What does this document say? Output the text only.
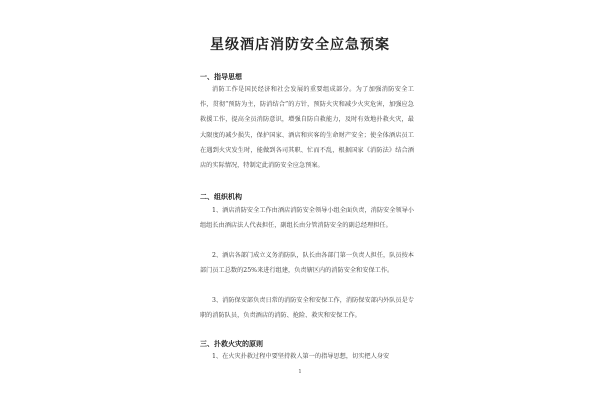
星级酒店消防安全应急预案
一、指导思想
消防工作是国民经济和社会发展的重要组成部分。为了加强消防安全工作，贯彻“预防为主，防消结合”的方针，预防火灾和减少火灾危害，加强应急救援工作，提高全员消防意识，增强自防自救能力，及时有效地扑救火灾，最大限度的减少损失，保护国家、酒店和宾客的生命财产安全；使全体酒店员工在遇到火灾发生时，能做到各司其职、忙而不乱，根据国家《消防法》结合酒店的实际情况，特制定此消防安全应急预案。
二、组织机构
1、酒店消防安全工作由酒店消防安全领导小组全面负责，消防安全领导小组组长由酒店法人代表担任，副组长由分管消防安全的副总经理担任。
2、酒店各部门成立义务消防队，队长由各部门第一负责人担任，队员按本部门员工总数的25%来进行组建，负责辖区内的消防安全和安保工作。
3、消防保安部负责日常的消防安全和安保工作，消防保安部内外队员是专职的消防队员，负责酒店的消防、抢险、救灾和安保工作。
三、扑救火灾的原则
1、在火灾扑救过程中要坚持救人第一的指导思想，切实把人身安
1
